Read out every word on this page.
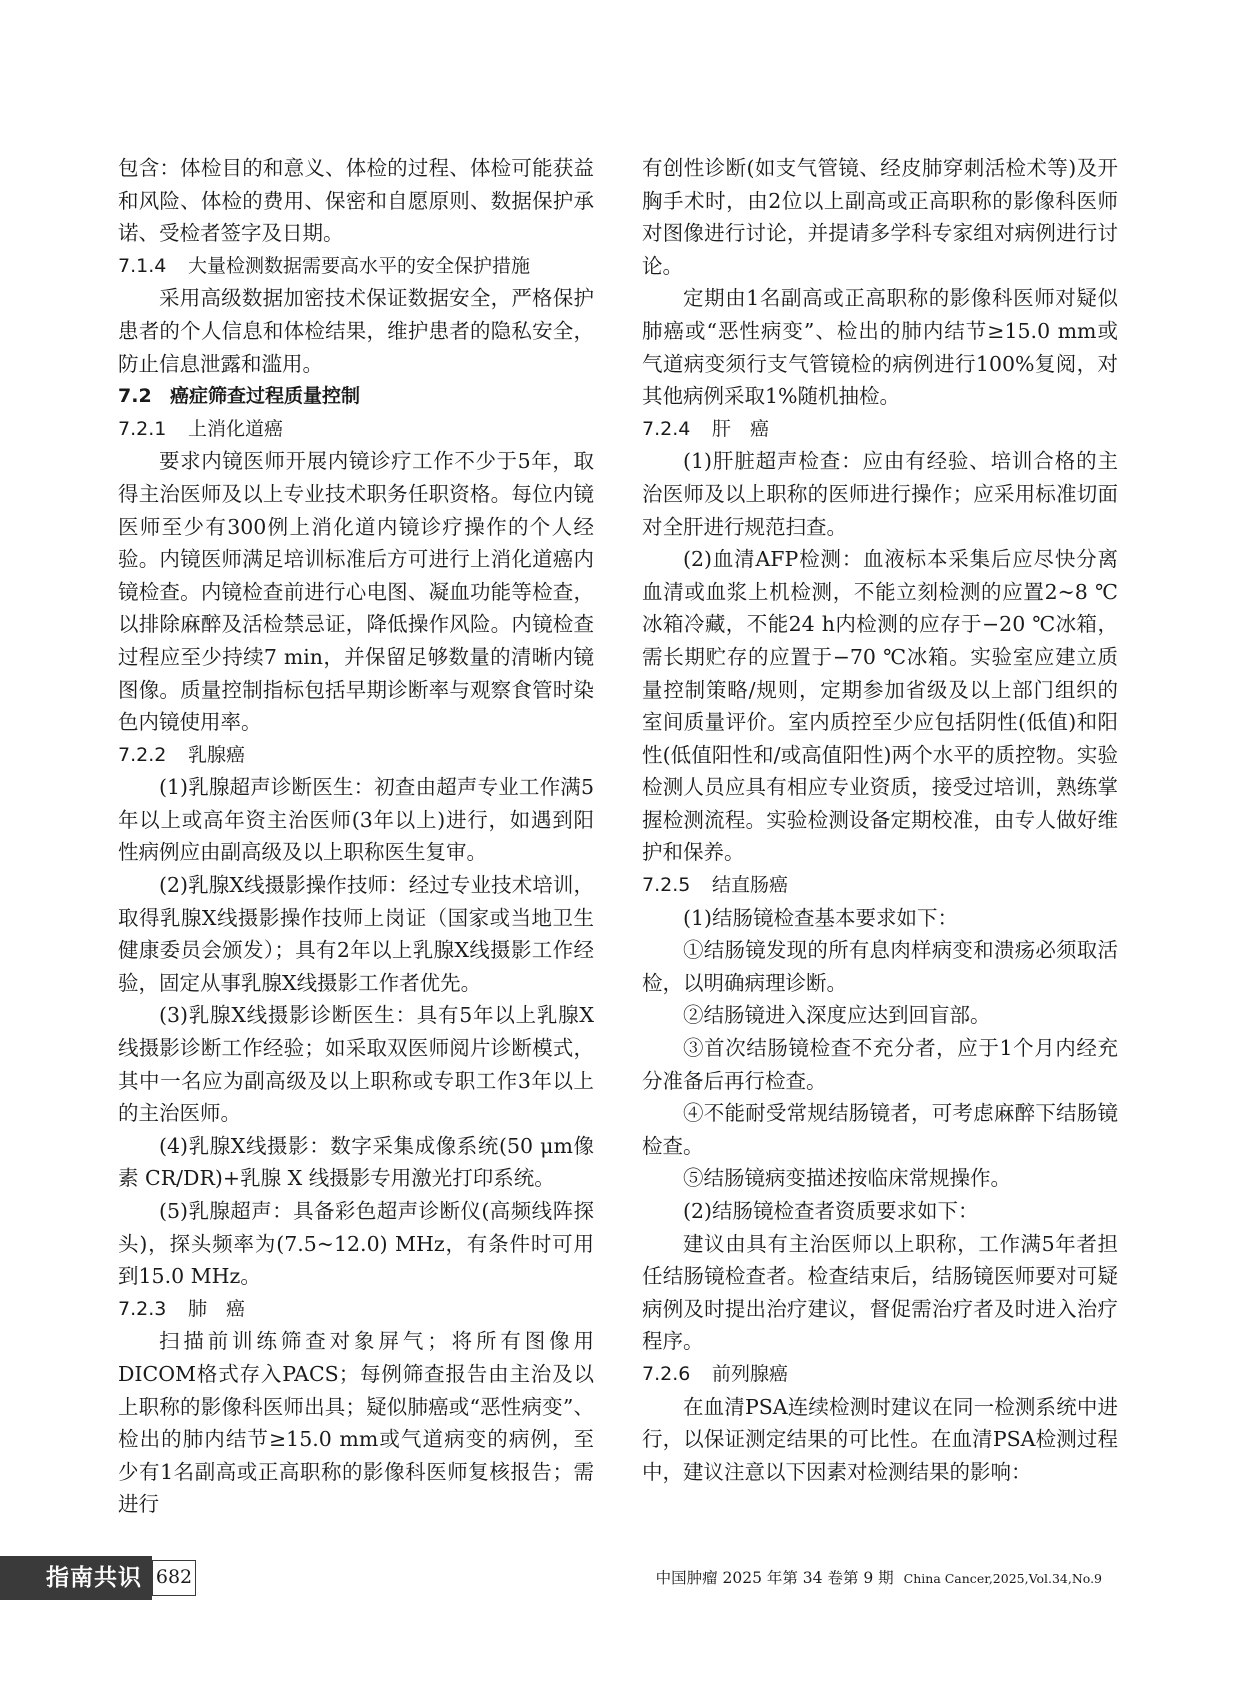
包含：体检目的和意义、体检的过程、体检可能获益和风险、体检的费用、保密和自愿原则、数据保护承诺、受检者签字及日期。

7.1.4 大量检测数据需要高水平的安全保护措施

采用高级数据加密技术保证数据安全，严格保护患者的个人信息和体检结果，维护患者的隐私安全，防止信息泄露和滥用。

7.2 癌症筛查过程质量控制

7.2.1 上消化道癌

要求内镜医师开展内镜诊疗工作不少于5年，取得主治医师及以上专业技术职务任职资格。每位内镜医师至少有300例上消化道内镜诊疗操作的个人经验。内镜医师满足培训标准后方可进行上消化道癌内镜检查。内镜检查前进行心电图、凝血功能等检查，以排除麻醉及活检禁忌证，降低操作风险。内镜检查过程应至少持续7 min，并保留足够数量的清晰内镜图像。质量控制指标包括早期诊断率与观察食管时染色内镜使用率。

7.2.2 乳腺癌

(1)乳腺超声诊断医生：初查由超声专业工作满5年以上或高年资主治医师(3年以上)进行，如遇到阳性病例应由副高级及以上职称医生复审。

(2)乳腺X线摄影操作技师：经过专业技术培训，取得乳腺X线摄影操作技师上岗证（国家或当地卫生健康委员会颁发）；具有2年以上乳腺X线摄影工作经验，固定从事乳腺X线摄影工作者优先。

(3)乳腺X线摄影诊断医生：具有5年以上乳腺X线摄影诊断工作经验；如采取双医师阅片诊断模式，其中一名应为副高级及以上职称或专职工作3年以上的主治医师。

(4)乳腺X线摄影：数字采集成像系统(50 μm像素 CR/DR)+乳腺 X 线摄影专用激光打印系统。

(5)乳腺超声：具备彩色超声诊断仪(高频线阵探头)，探头频率为(7.5~12.0) MHz，有条件时可用到15.0 MHz。

7.2.3 肺　癌

扫描前训练筛查对象屏气；将所有图像用DICOM格式存入PACS；每例筛查报告由主治及以上职称的影像科医师出具；疑似肺癌或“恶性病变”、检出的肺内结节≥15.0 mm或气道病变的病例，至少有1名副高或正高职称的影像科医师复核报告；需进行

有创性诊断(如支气管镜、经皮肺穿刺活检术等)及开胸手术时，由2位以上副高或正高职称的影像科医师对图像进行讨论，并提请多学科专家组对病例进行讨论。

定期由1名副高或正高职称的影像科医师对疑似肺癌或“恶性病变”、检出的肺内结节≥15.0 mm或气道病变须行支气管镜检的病例进行100%复阅，对其他病例采取1%随机抽检。

7.2.4 肝　癌

(1)肝脏超声检查：应由有经验、培训合格的主治医师及以上职称的医师进行操作；应采用标准切面对全肝进行规范扫查。

(2)血清AFP检测：血液标本采集后应尽快分离血清或血浆上机检测，不能立刻检测的应置2~8 ℃冰箱冷藏，不能24 h内检测的应存于−20 ℃冰箱，需长期贮存的应置于−70 ℃冰箱。实验室应建立质量控制策略/规则，定期参加省级及以上部门组织的室间质量评价。室内质控至少应包括阴性(低值)和阳性(低值阳性和/或高值阳性)两个水平的质控物。实验检测人员应具有相应专业资质，接受过培训，熟练掌握检测流程。实验检测设备定期校准，由专人做好维护和保养。

7.2.5 结直肠癌

(1)结肠镜检查基本要求如下：

①结肠镜发现的所有息肉样病变和溃疡必须取活检，以明确病理诊断。

②结肠镜进入深度应达到回盲部。

③首次结肠镜检查不充分者，应于1个月内经充分准备后再行检查。

④不能耐受常规结肠镜者，可考虑麻醉下结肠镜检查。

⑤结肠镜病变描述按临床常规操作。

(2)结肠镜检查者资质要求如下：

建议由具有主治医师以上职称，工作满5年者担任结肠镜检查者。检查结束后，结肠镜医师要对可疑病例及时提出治疗建议，督促需治疗者及时进入治疗程序。

7.2.6 前列腺癌

在血清PSA连续检测时建议在同一检测系统中进行，以保证测定结果的可比性。在血清PSA检测过程中，建议注意以下因素对检测结果的影响：

指南共识 682	中国肿瘤 2025 年第 34 卷第 9 期 China Cancer,2025,Vol.34,No.9
